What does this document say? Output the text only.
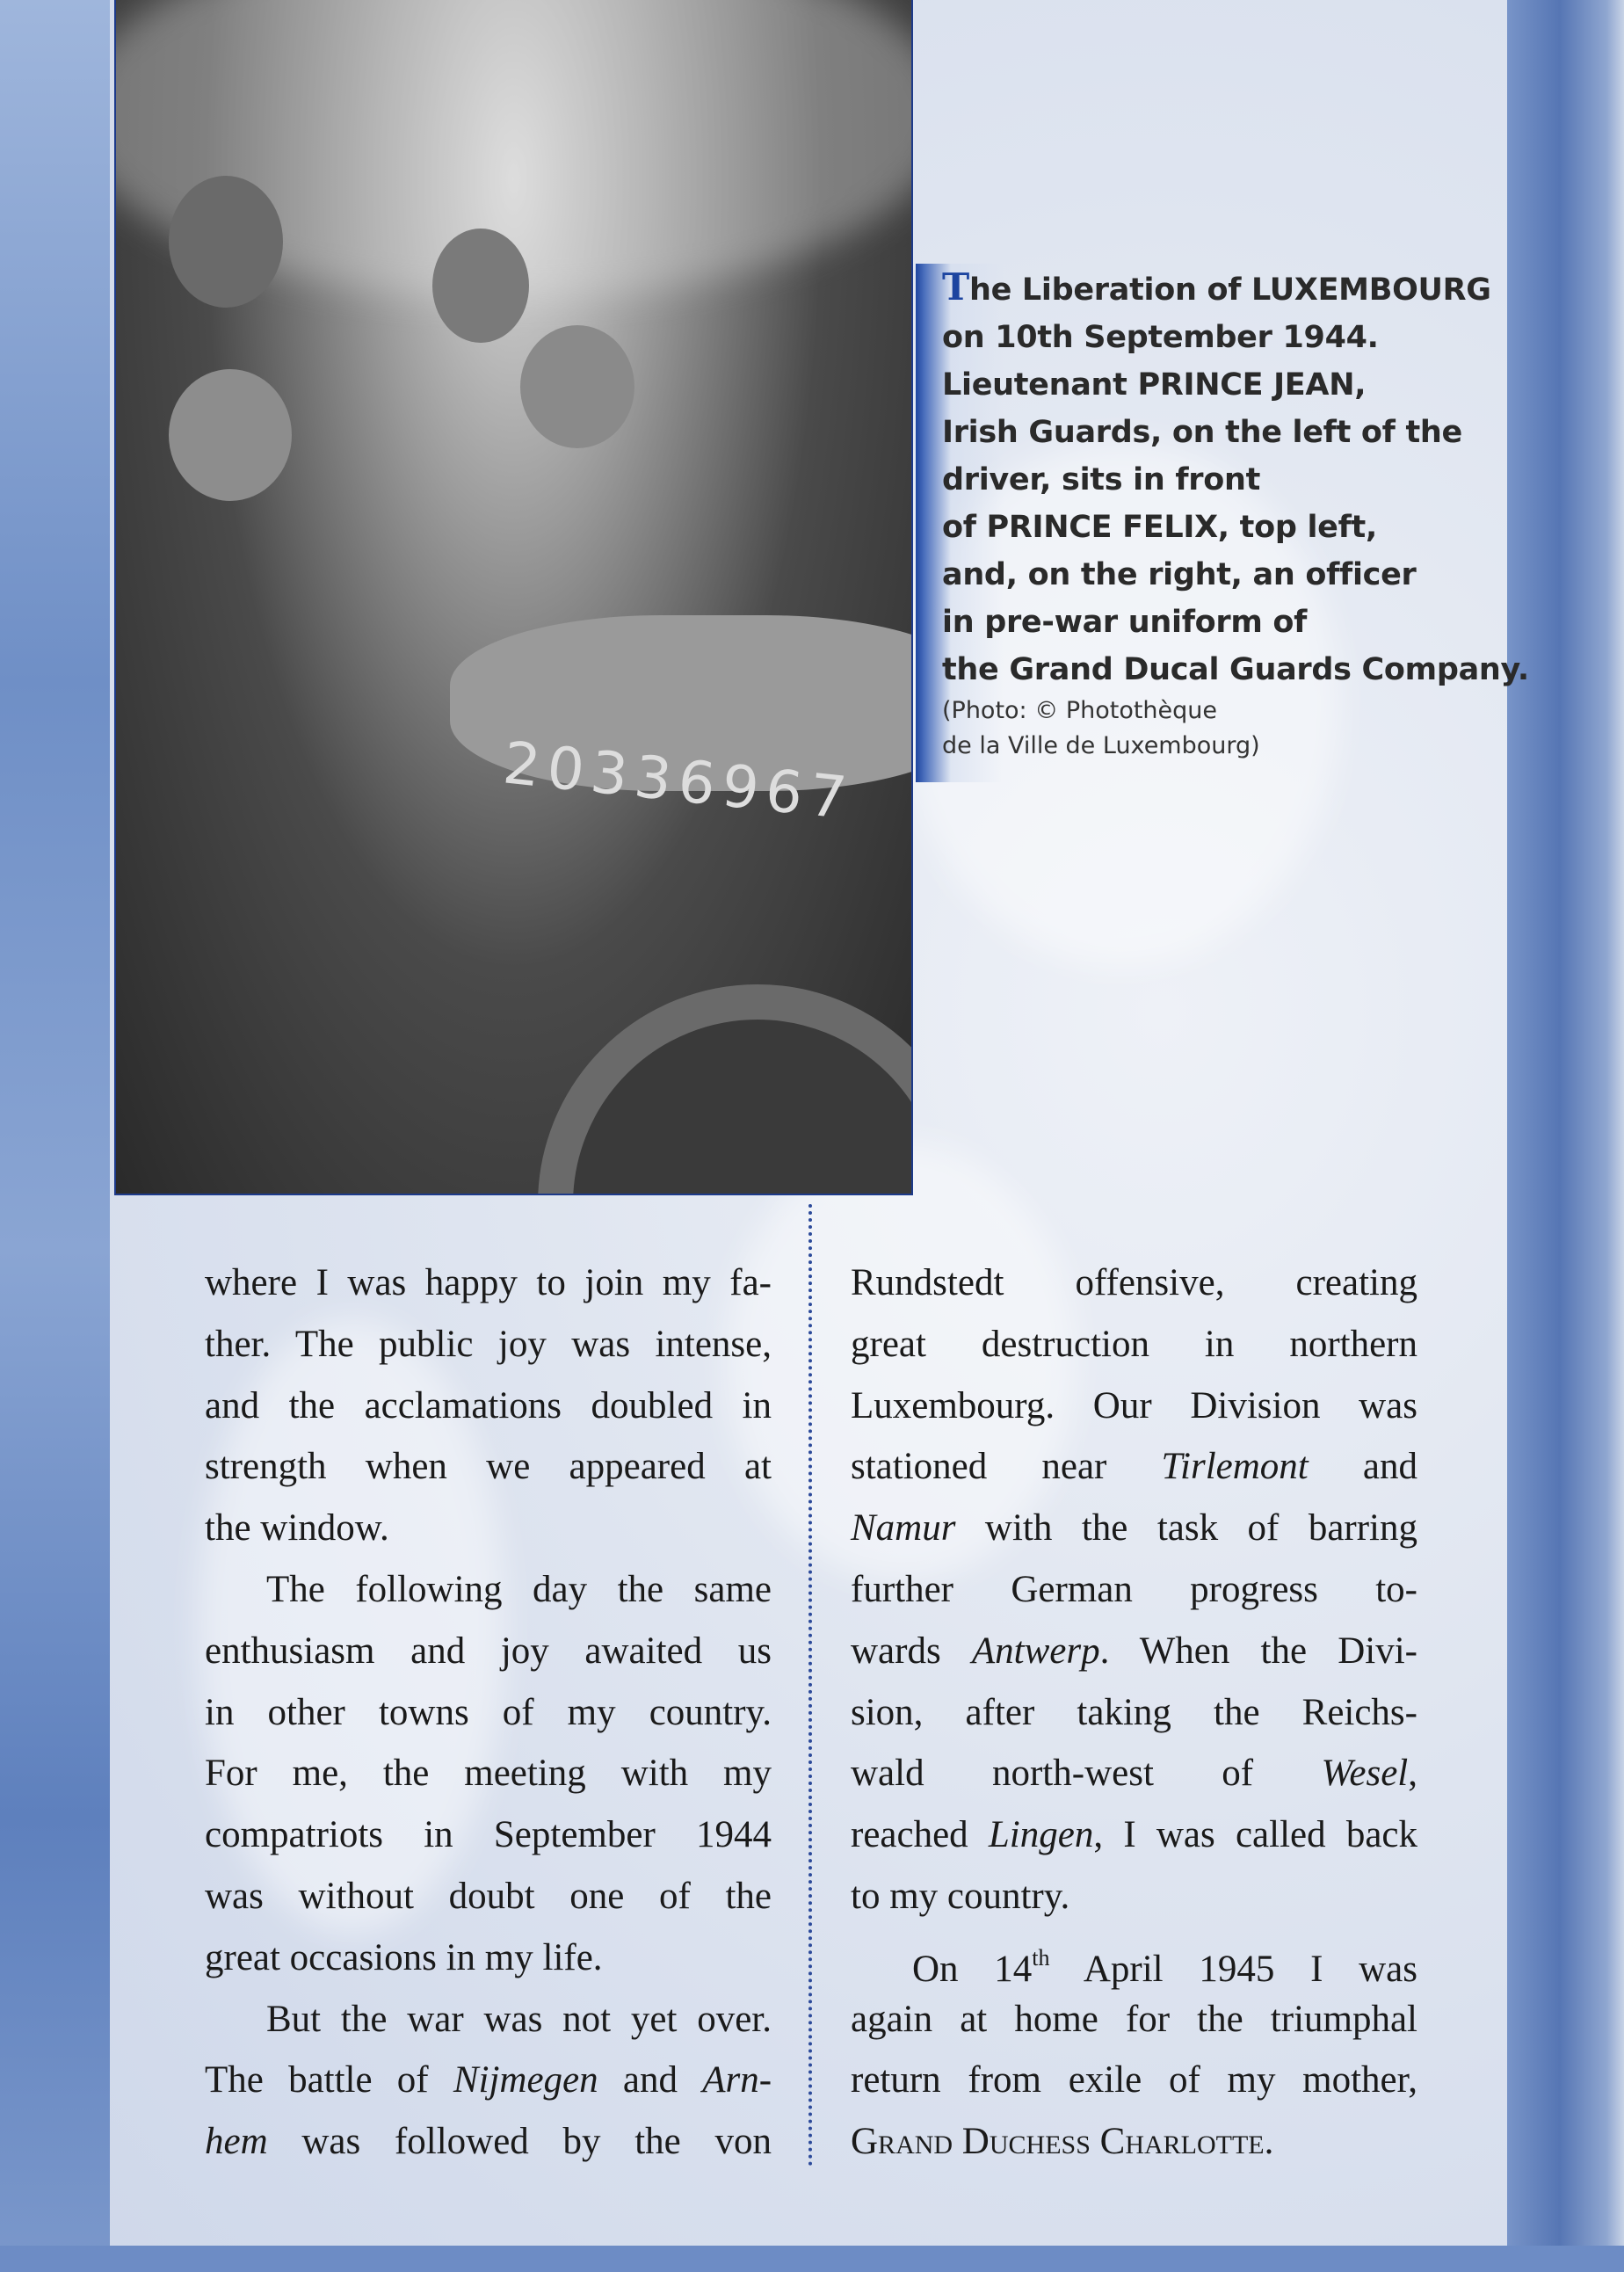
20336967
The Liberation of LUXEMBOURG
on 10th September 1944.
Lieutenant PRINCE JEAN,
Irish Guards, on the left of the
driver, sits in front
of PRINCE FELIX, top left,
and, on the right, an officer
in pre-war uniform of
the Grand Ducal Guards Company.
(Photo: © Photothèque
de la Ville de Luxembourg)
where I was happy to join my fa-
ther. The public joy was intense,
and the acclamations doubled in
strength when we appeared at
the window.
The following day the same
enthusiasm and joy awaited us
in other towns of my country.
For me, the meeting with my
compatriots in September 1944
was without doubt one of the
great occasions in my life.
But the war was not yet over.
The battle of Nijmegen and Arn-
hem was followed by the von
Rundstedt offensive, creating
great destruction in northern
Luxembourg. Our Division was
stationed near Tirlemont and
Namur with the task of barring
further German progress to-
wards Antwerp. When the Divi-
sion, after taking the Reichs-
wald north-west of Wesel,
reached Lingen, I was called back
to my country.
On 14th April 1945 I was
again at home for the triumphal
return from exile of my mother,
Grand Duchess Charlotte.
